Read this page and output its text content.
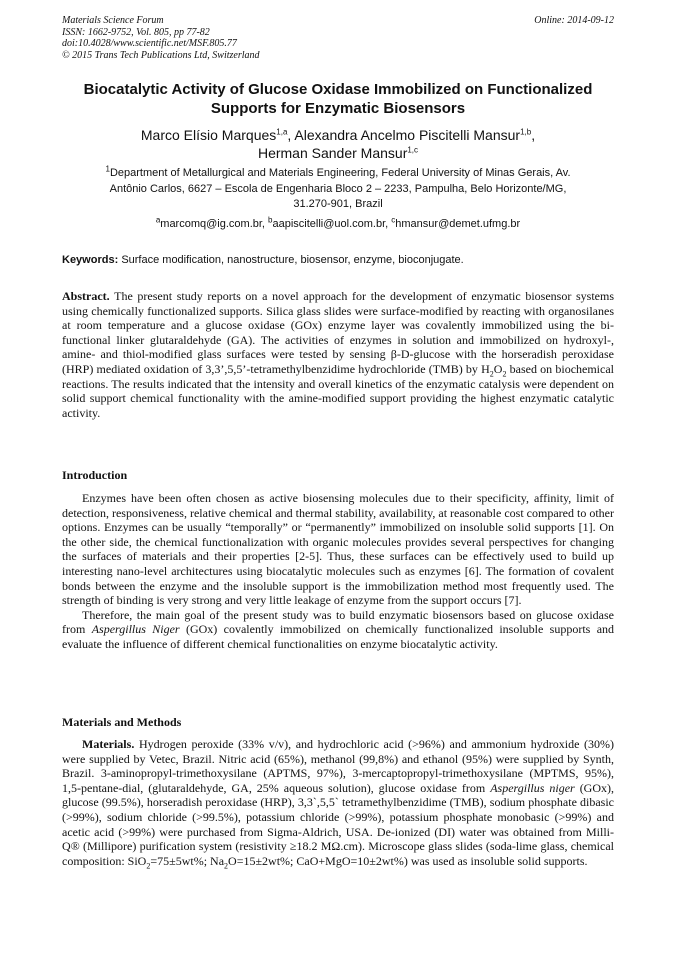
Materials Science Forum
ISSN: 1662-9752, Vol. 805, pp 77-82
doi:10.4028/www.scientific.net/MSF.805.77
© 2015 Trans Tech Publications Ltd, Switzerland
Online: 2014-09-12
Biocatalytic Activity of Glucose Oxidase Immobilized on Functionalized
Supports for Enzymatic Biosensors
Marco Elísio Marques$^{1,a}$, Alexandra Ancelmo Piscitelli Mansur$^{1,b}$,
Herman Sander Mansur$^{1,c}$
$^1$Department of Metallurgical and Materials Engineering, Federal University of Minas Gerais, Av.
Antônio Carlos, 6627 – Escola de Engenharia Bloco 2 – 2233, Pampulha, Belo Horizonte/MG,
31.270-901, Brazil
$^a$marcomq@ig.com.br, $^b$aapiscitelli@uol.com.br, $^c$hmansur@demet.ufmg.br
Keywords: Surface modification, nanostructure, biosensor, enzyme, bioconjugate.
Abstract. The present study reports on a novel approach for the development of enzymatic biosensor systems using chemically functionalized supports. Silica glass slides were surface-modified by reacting with organosilanes at room temperature and a glucose oxidase (GOx) enzyme layer was covalently immobilized using the bi-functional linker glutaraldehyde (GA). The activities of enzymes in solution and immobilized on hydroxyl-, amine- and thiol-modified glass surfaces were tested by sensing β-D-glucose with the horseradish peroxidase (HRP) mediated oxidation of 3,3’,5,5’-tetramethylbenzidime hydrochloride (TMB) by $H_2O_2$ based on biochemical reactions. The results indicated that the intensity and overall kinetics of the enzymatic catalysis were dependent on solid support chemical functionality with the amine-modified support providing the highest enzymatic catalytic activity.
Introduction

Enzymes have been often chosen as active biosensing molecules due to their specificity, affinity, limit of detection, responsiveness, relative chemical and thermal stability, availability, at reasonable cost compared to other options. Enzymes can be usually “temporally” or “permanently” immobilized on insoluble solid supports [1]. On the other side, the chemical functionalization with organic molecules provides several perspectives for changing the surfaces of materials and their properties [2-5]. Thus, these surfaces can be effectively used to build up interesting nano-level architectures using biocatalytic molecules such as enzymes [6]. The formation of covalent bonds between the enzyme and the insoluble support is the immobilization method most frequently used. The strength of binding is very strong and very little leakage of enzyme from the support occurs [7].

Therefore, the main goal of the present study was to build enzymatic biosensors based on glucose oxidase from Aspergillus Niger (GOx) covalently immobilized on chemically functionalized insoluble supports and evaluate the influence of different chemical functionalities on enzyme biocatalytic activity.

Materials and Methods

Materials. Hydrogen peroxide (33% v/v), and hydrochloric acid (>96%) and ammonium hydroxide (30%) were supplied by Vetec, Brazil. Nitric acid (65%), methanol (99,8%) and ethanol (95%) were supplied by Synth, Brazil. 3-aminopropyl-trimethoxysilane (APTMS, 97%), 3-mercaptopropyl-trimethoxysilane (MPTMS, 95%), 1,5-pentane-dial, (glutaraldehyde, GA, 25% aqueous solution), glucose oxidase from Aspergillus niger (GOx), glucose (99.5%), horseradish peroxidase (HRP), 3,3`,5,5` tetramethylbenzidime (TMB), sodium phosphate dibasic (>99%), sodium chloride (>99.5%), potassium chloride (>99%), potassium phosphate monobasic (>99%) and acetic acid (>99%) were purchased from Sigma-Aldrich, USA. De-ionized (DI) water was obtained from Milli-Q® (Millipore) purification system (resistivity ≥18.2 MΩ.cm). Microscope glass slides (soda-lime glass, chemical composition: SiO$_2$=75±5wt%; $Na_2O=15\pm 2wt\%$; CaO+MgO=10±2wt%) was used as insoluble solid supports.
